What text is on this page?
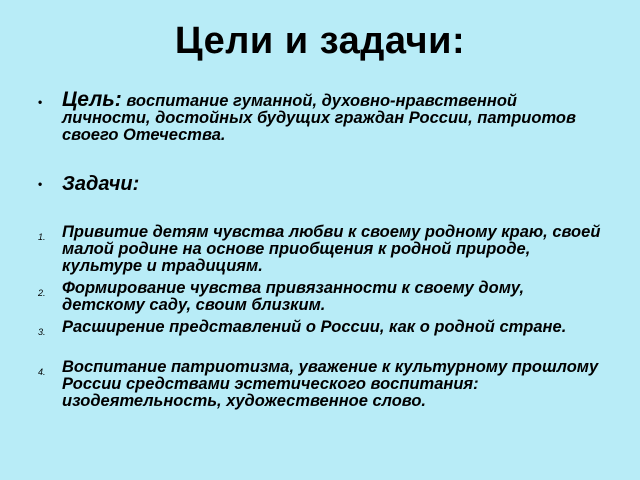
Цели и задачи:
• Цель: воспитание гуманной, духовно-нравственной личности, достойных будущих граждан России, патриотов своего Отечества.
• Задачи:
1. Привитие детям чувства любви к своему родному краю, своей малой родине на основе приобщения к родной природе, культуре и традициям.
2. Формирование чувства привязанности к своему дому, детскому саду, своим близким.
3. Расширение представлений о России, как о родной стране.
4. Воспитание патриотизма, уважение к культурному прошлому России средствами эстетического воспитания: изодеятельность, художественное слово.
